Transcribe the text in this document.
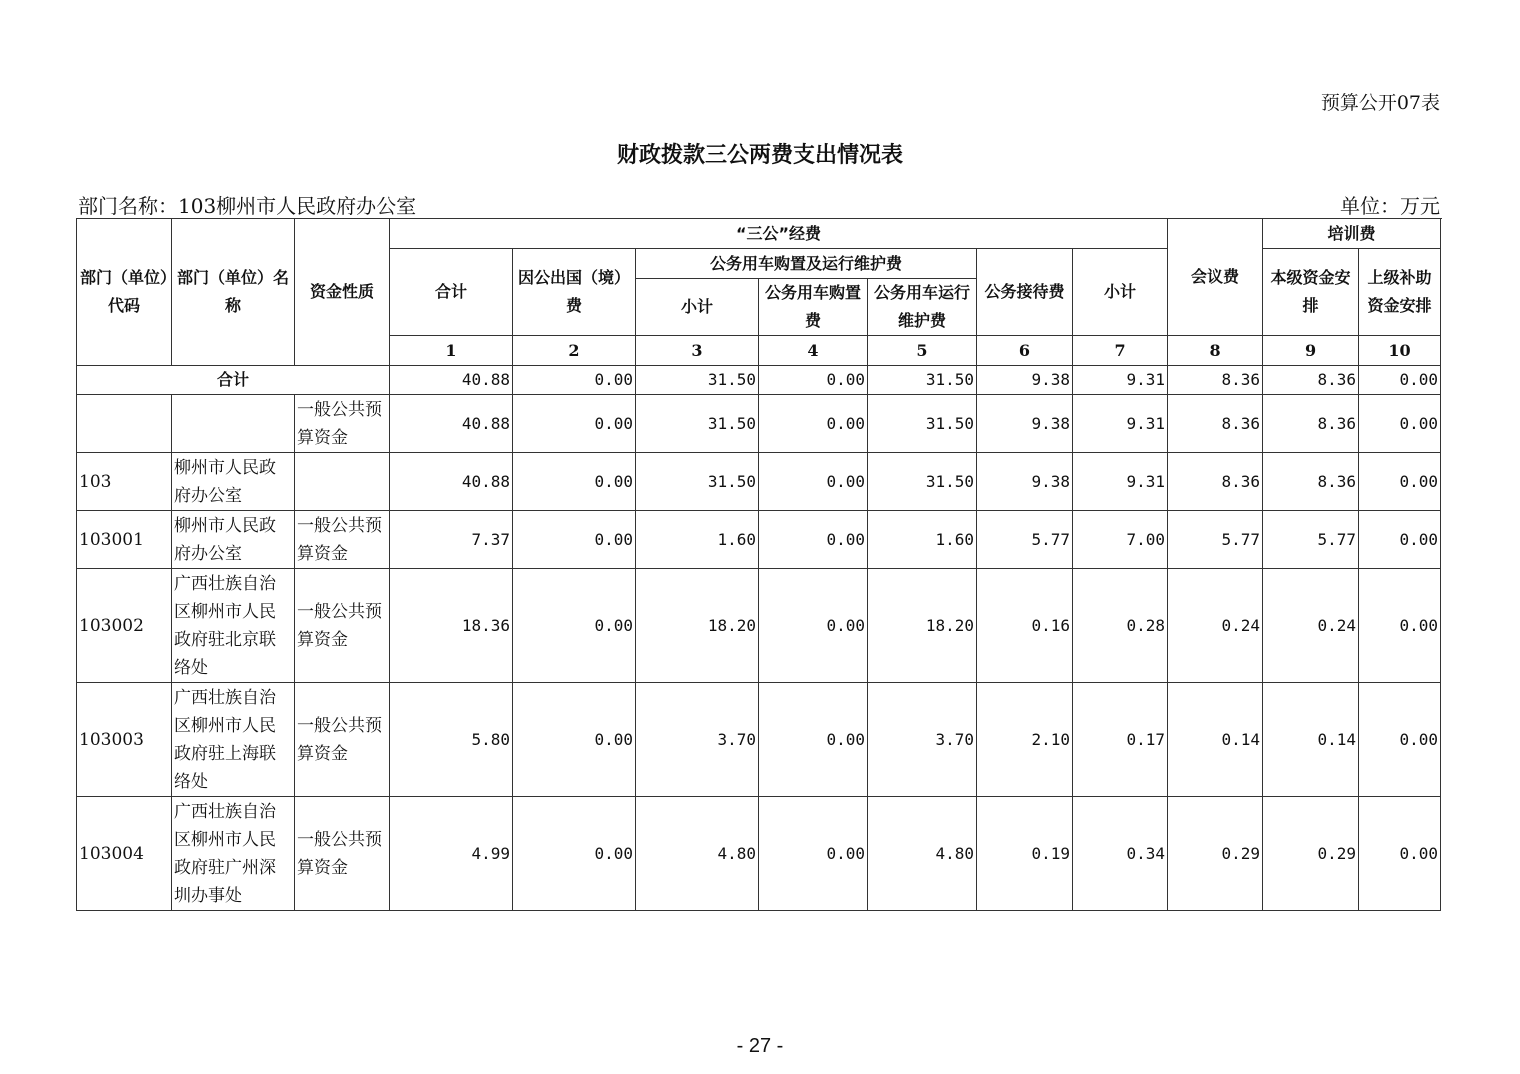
预算公开07表
财政拨款三公两费支出情况表
部门名称：103柳州市人民政府办公室	单位：万元
部门（单位）代码	部门（单位）名称	资金性质	“三公”经费							会议费	培训费	
			合计	因公出国（境）费	公务用车购置及运行维护费			公务接待费	小计		本级资金安排	上级补助资金安排
					小计	公务用车购置费	公务用车运行维护费					
			1	2	3	4	5	6	7	8	9	10
合计			40.88	0.00	31.50	0.00	31.50	9.38	9.31	8.36	8.36	0.00
		一般公共预算资金	40.88	0.00	31.50	0.00	31.50	9.38	9.31	8.36	8.36	0.00
103	柳州市人民政府办公室		40.88	0.00	31.50	0.00	31.50	9.38	9.31	8.36	8.36	0.00
103001	柳州市人民政府办公室	一般公共预算资金	7.37	0.00	1.60	0.00	1.60	5.77	7.00	5.77	5.77	0.00
103002	广西壮族自治区柳州市人民政府驻北京联络处	一般公共预算资金	18.36	0.00	18.20	0.00	18.20	0.16	0.28	0.24	0.24	0.00
103003	广西壮族自治区柳州市人民政府驻上海联络处	一般公共预算资金	5.80	0.00	3.70	0.00	3.70	2.10	0.17	0.14	0.14	0.00
103004	广西壮族自治区柳州市人民政府驻广州深圳办事处	一般公共预算资金	4.99	0.00	4.80	0.00	4.80	0.19	0.34	0.29	0.29	0.00
- 27 -
